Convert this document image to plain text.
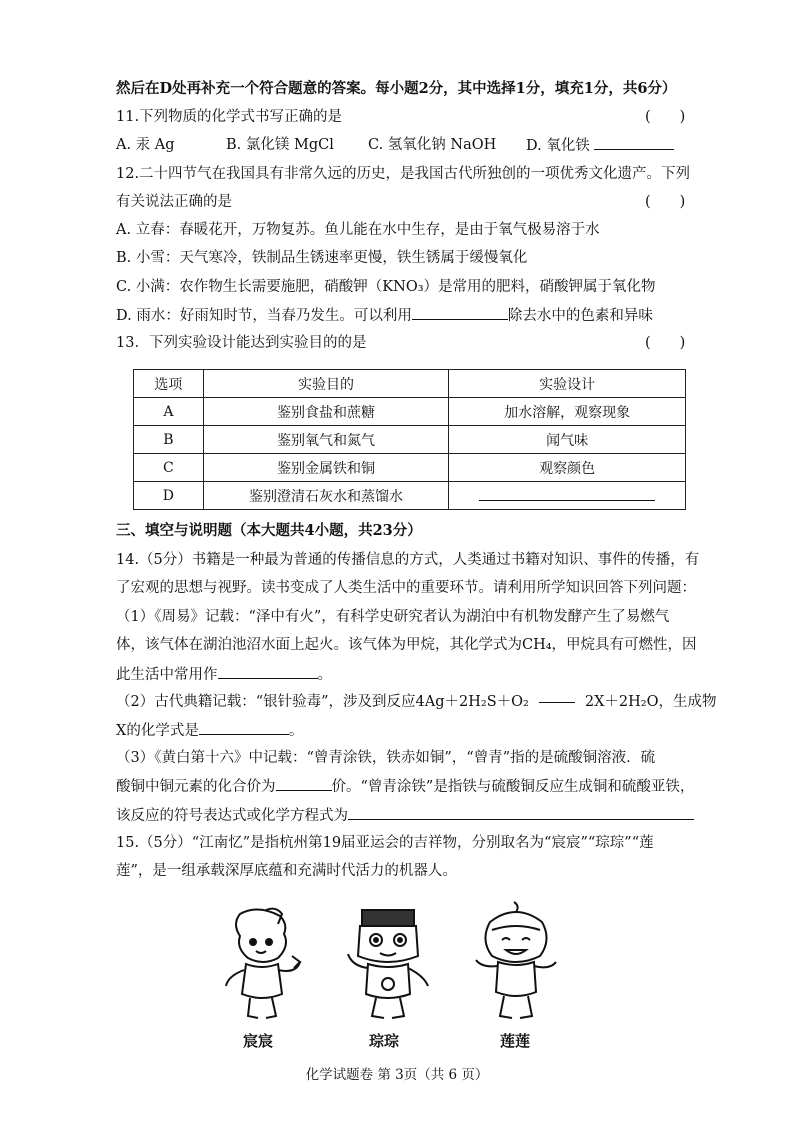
然后在D处再补充一个符合题意的答案。每小题2分，其中选择1分，填充1分，共6分）
11.下列物质的化学式书写正确的是	(　　)
A. 汞 Ag	B. 氯化镁 MgCl C. 氢氧化钠 NaOH D. 氧化铁
12.二十四节气在我国具有非常久远的历史，是我国古代所独创的一项优秀文化遗产。下列
有关说法正确的是	(　　)
A. 立春：春暖花开，万物复苏。鱼儿能在水中生存，是由于氧气极易溶于水
B. 小雪：天气寒冷，铁制品生锈速率更慢，铁生锈属于缓慢氧化
C. 小满：农作物生长需要施肥，硝酸钾（KNO₃）是常用的肥料，硝酸钾属于氧化物
D. 雨水：好雨知时节，当春乃发生。可以利用	除去水中的色素和异味
13．下列实验设计能达到实验目的的是	(　　)
选项	实验目的	实验设计
A	鉴别食盐和蔗糖	加水溶解，观察现象
B	鉴别氧气和氮气	闻气味
C	鉴别金属铁和铜	观察颜色
D	鉴别澄清石灰水和蒸馏水	
三、填空与说明题（本大题共4小题，共23分）
14.（5分）书籍是一种最为普通的传播信息的方式，人类通过书籍对知识、事件的传播，有
了宏观的思想与视野。读书变成了人类生活中的重要环节。请利用所学知识回答下列问题：
（1）《周易》记载：“泽中有火”，有科学史研究者认为湖泊中有机物发酵产生了易燃气
体，该气体在湖泊池沼水面上起火。该气体为甲烷，其化学式为CH₄，甲烷具有可燃性，因
此生活中常用作	。
（2）古代典籍记载：“银针验毒”，涉及到反应4Ag＋2H₂S＋O₂	2X＋2H₂O，生成物
X的化学式是	。
（3）《黄白第十六》中记载：“曾青涂铁，铁赤如铜”，“曾青”指的是硫酸铜溶液．硫
酸铜中铜元素的化合价为	价。“曾青涂铁”是指铁与硫酸铜反应生成铜和硫酸亚铁，
该反应的符号表达式或化学方程式为
15.（5分）“江南忆”是指杭州第19届亚运会的吉祥物，分别取名为“宸宸”“琮琮”“莲
莲”，是一组承载深厚底蕴和充满时代活力的机器人。
宸宸	琮琮	莲莲
化学试题卷 第 3页（共 6 页）
